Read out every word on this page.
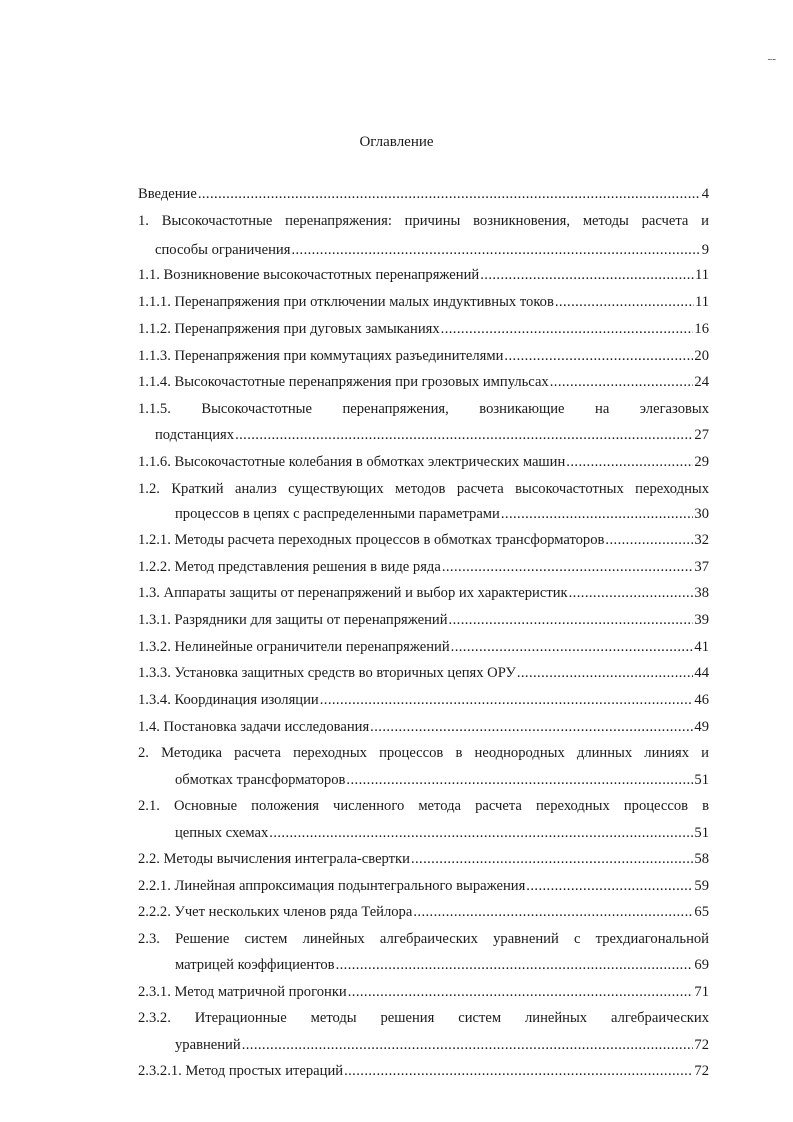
ـ.ـ
Оглавление
Введение .....	4
1. Высокочастотные перенапряжения: причины возникновения, методы расчета и
способы ограничения .....	9
1.1. Возникновение высокочастотных перенапряжений .....	11
1.1.1. Перенапряжения при отключении малых индуктивных токов .....	11
1.1.2. Перенапряжения при дуговых замыканиях .....	16
1.1.3. Перенапряжения при коммутациях разъединителями .....	20
1.1.4. Высокочастотные перенапряжения при грозовых импульсах .....	24
1.1.5. Высокочастотные перенапряжения, возникающие на элегазовых
подстанциях .....	27
1.1.6. Высокочастотные колебания в обмотках электрических машин .....	29
1.2. Краткий анализ существующих методов расчета высокочастотных переходных
процессов в цепях с распределенными параметрами .....	30
1.2.1. Методы расчета переходных процессов в обмотках трансформаторов .....	32
1.2.2. Метод представления решения в виде ряда .....	37
1.3. Аппараты защиты от перенапряжений и выбор их характеристик .....	38
1.3.1. Разрядники для защиты от перенапряжений .....	39
1.3.2. Нелинейные ограничители перенапряжений .....	41
1.3.3. Установка защитных средств во вторичных цепях ОРУ .....	44
1.3.4. Координация изоляции .....	46
1.4. Постановка задачи исследования .....	49
2. Методика расчета переходных процессов в неоднородных длинных линиях и
обмотках трансформаторов .....	51
2.1. Основные положения численного метода расчета переходных процессов в
цепных схемах .....	51
2.2. Методы вычисления интеграла-свертки .....	58
2.2.1. Линейная аппроксимация подынтегрального выражения .....	59
2.2.2. Учет нескольких членов ряда Тейлора .....	65
2.3. Решение систем линейных алгебраических уравнений с трехдиагональной
матрицей коэффициентов .....	69
2.3.1. Метод матричной прогонки .....	71
2.3.2. Итерационные методы решения систем линейных алгебраических
уравнений .....	72
2.3.2.1. Метод простых итераций .....	72
